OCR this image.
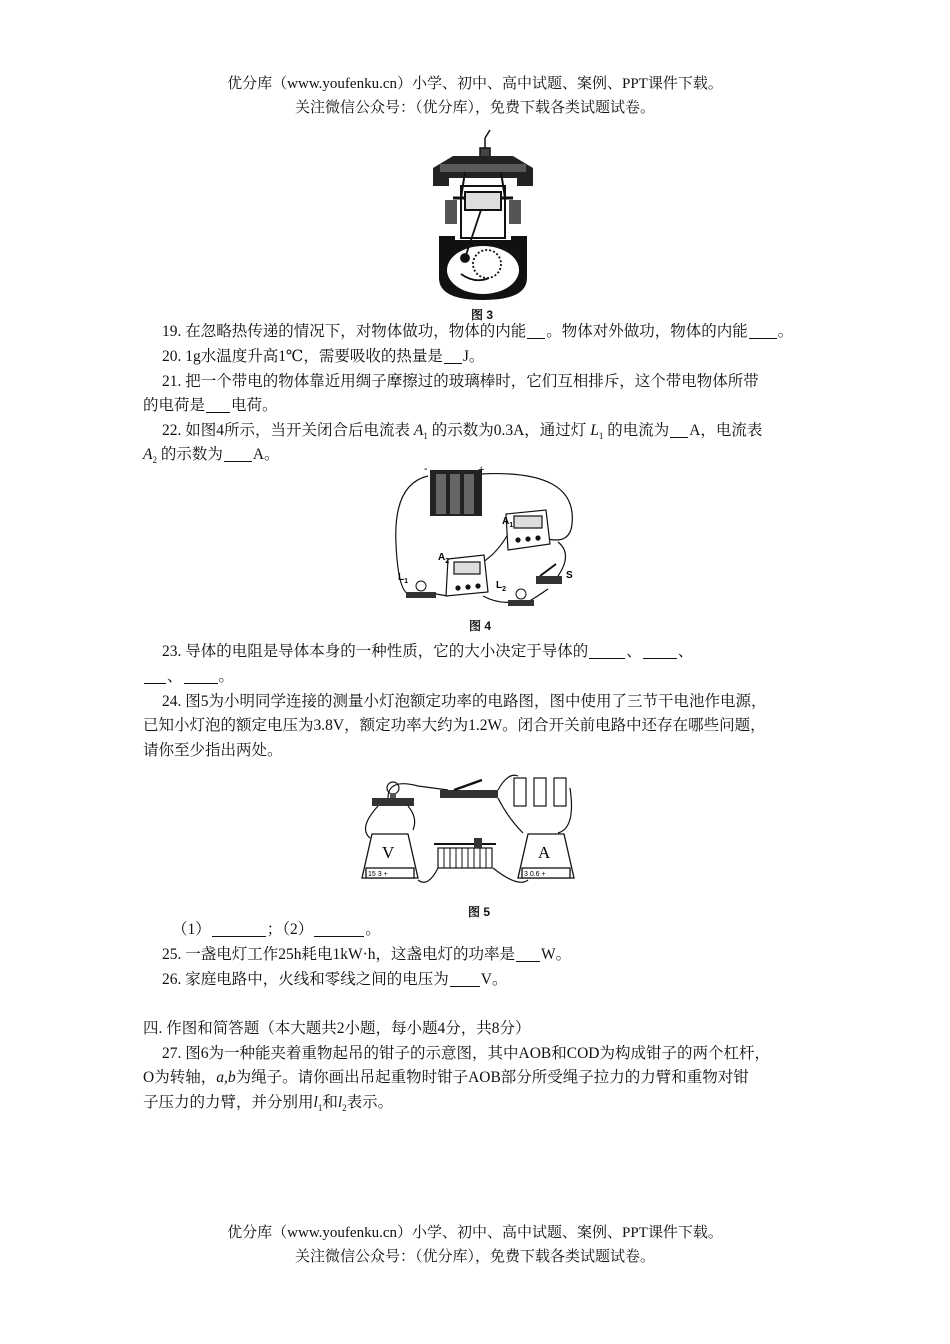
优分库（www.youfenku.cn）小学、初中、高中试题、案例、PPT课件下载。
关注微信公众号：（优分库），免费下载各类试题试卷。
图 3
19. 在忽略热传递的情况下，对物体做功，物体的内能 。物体对外做功，物体的内能 。
20. 1g水温度升高1℃，需要吸收的热量是 J。
21. 把一个带电的物体靠近用绸子摩擦过的玻璃棒时，它们互相排斥，这个带电物体所带
的电荷是 电荷。
22. 如图4所示，当开关闭合后电流表 $A_1$ 的示数为0.3A，通过灯 $L_1$ 的电流为 A，电流表
$A_2$ 的示数为 A。
-	+
$A_1$
$A_2$
$L_1$	$L_2$
S
图 4
23. 导体的电阻是导体本身的一种性质，它的大小决定于导体的 、 、
、 。
24. 图5为小明同学连接的测量小灯泡额定功率的电路图，图中使用了三节干电池作电源，
已知小灯泡的额定电压为3.8V，额定功率大约为1.2W。闭合开关前电路中还存在哪些问题，
请你至少指出两处。
V
15 3 +
A
3 0.6 +
图 5
（1）	；（2）	。
25. 一盏电灯工作25h耗电1kW·h，这盏电灯的功率是 W。
26. 家庭电路中，火线和零线之间的电压为 V。
四. 作图和简答题（本大题共2小题，每小题4分，共8分）
27. 图6为一种能夹着重物起吊的钳子的示意图，其中AOB和COD为构成钳子的两个杠杆，
O为转轴，a,b为绳子。请你画出吊起重物时钳子AOB部分所受绳子拉力的力臂和重物对钳
子压力的力臂，并分别用$l_1$和$l_2$表示。
优分库（www.youfenku.cn）小学、初中、高中试题、案例、PPT课件下载。
关注微信公众号：（优分库），免费下载各类试题试卷。
